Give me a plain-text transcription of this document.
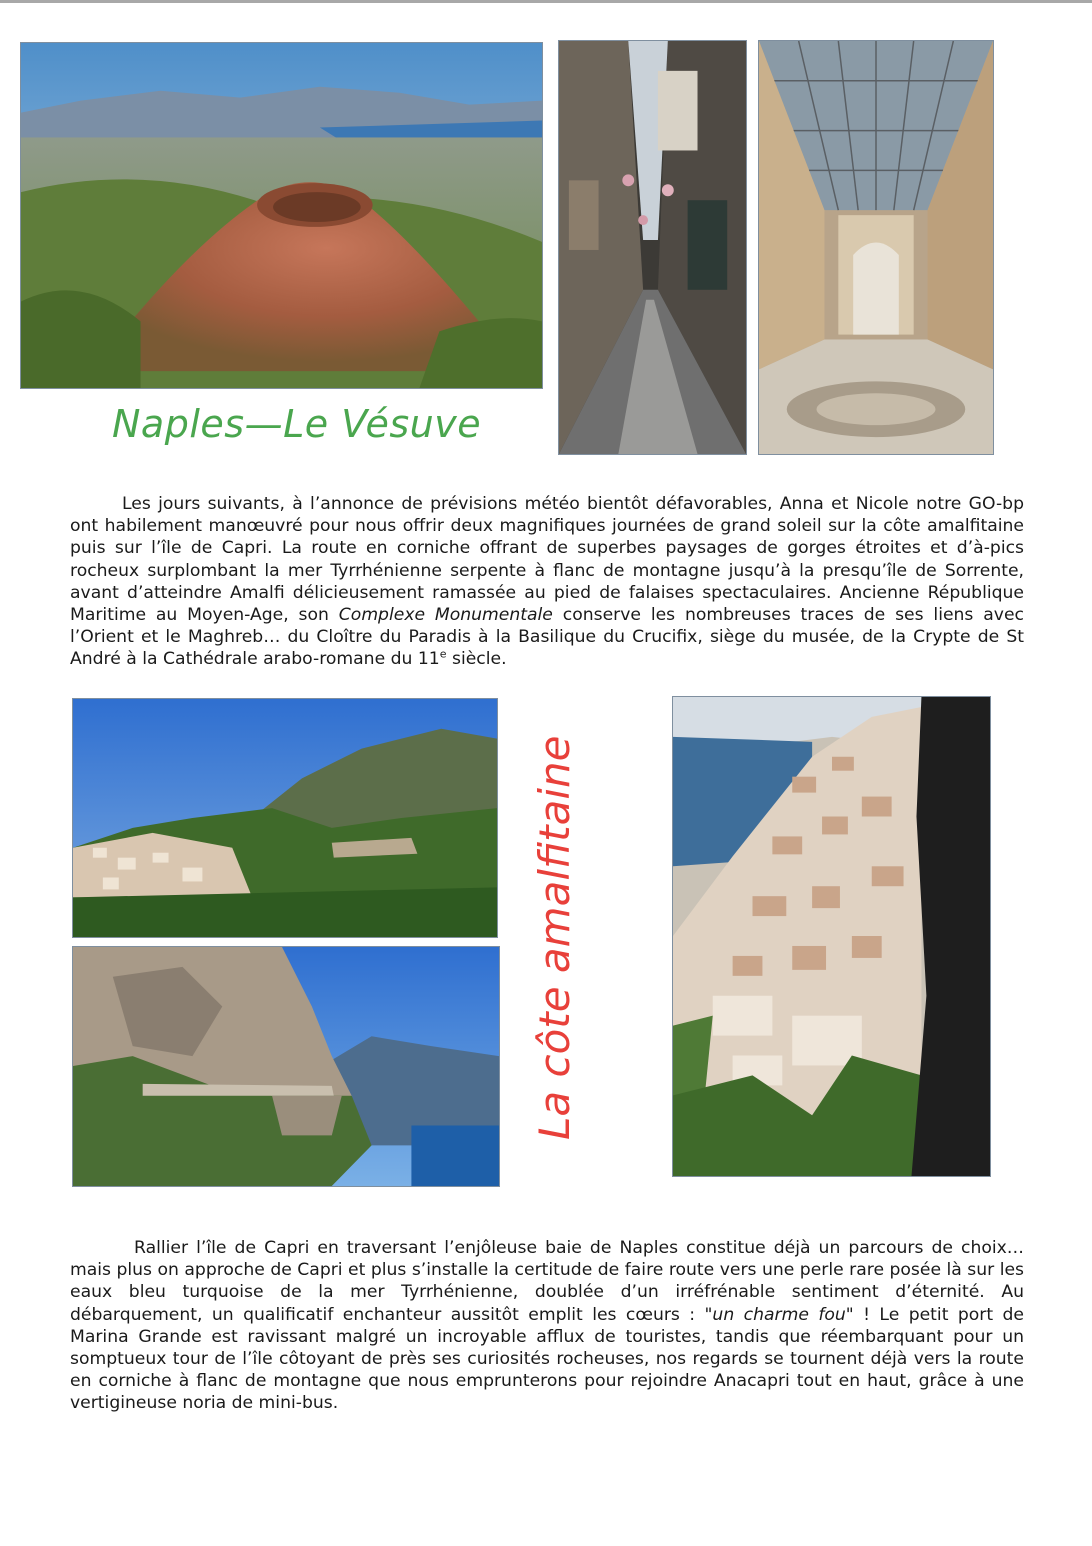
Naples—Le Vésuve

Les jours suivants, à l’annonce de prévisions météo bientôt défavorables, Anna et Nicole notre GO-bp ont habilement manœuvré pour nous offrir deux magnifiques journées de grand soleil sur la côte amalfitaine puis sur l’île de Capri. La route en corniche offrant de superbes paysages de gorges étroites et d’à-pics rocheux surplombant la mer Tyrrhénienne serpente à flanc de montagne jusqu’à la presqu’île de Sorrente, avant d’atteindre Amalfi délicieusement ramassée au pied de falaises spectaculaires. Ancienne République Maritime au Moyen-Age, son Complexe Monumentale conserve les nombreuses traces de ses liens avec l’Orient et le Maghreb… du Cloître du Paradis à la Basilique du Crucifix, siège du musée, de la Crypte de St André à la Cathédrale arabo-romane du 11e siècle.

La côte amalfitaine

Rallier l’île de Capri en traversant l’enjôleuse baie de Naples constitue déjà un parcours de choix… mais plus on approche de Capri et plus s’installe la certitude de faire route vers une perle rare posée là sur les eaux bleu turquoise de la mer Tyrrhénienne, doublée d’un irréfrénable sentiment d’éternité. Au débarquement, un qualificatif enchanteur aussitôt emplit les cœurs : "un charme fou" ! Le petit port de Marina Grande est ravissant malgré un incroyable afflux de touristes, tandis que réembarquant pour un somptueux tour de l’île côtoyant de près ses curiosités rocheuses, nos regards se tournent déjà vers la route en corniche à flanc de montagne que nous emprunterons pour rejoindre Anacapri tout en haut, grâce à une vertigineuse noria de mini-bus.
